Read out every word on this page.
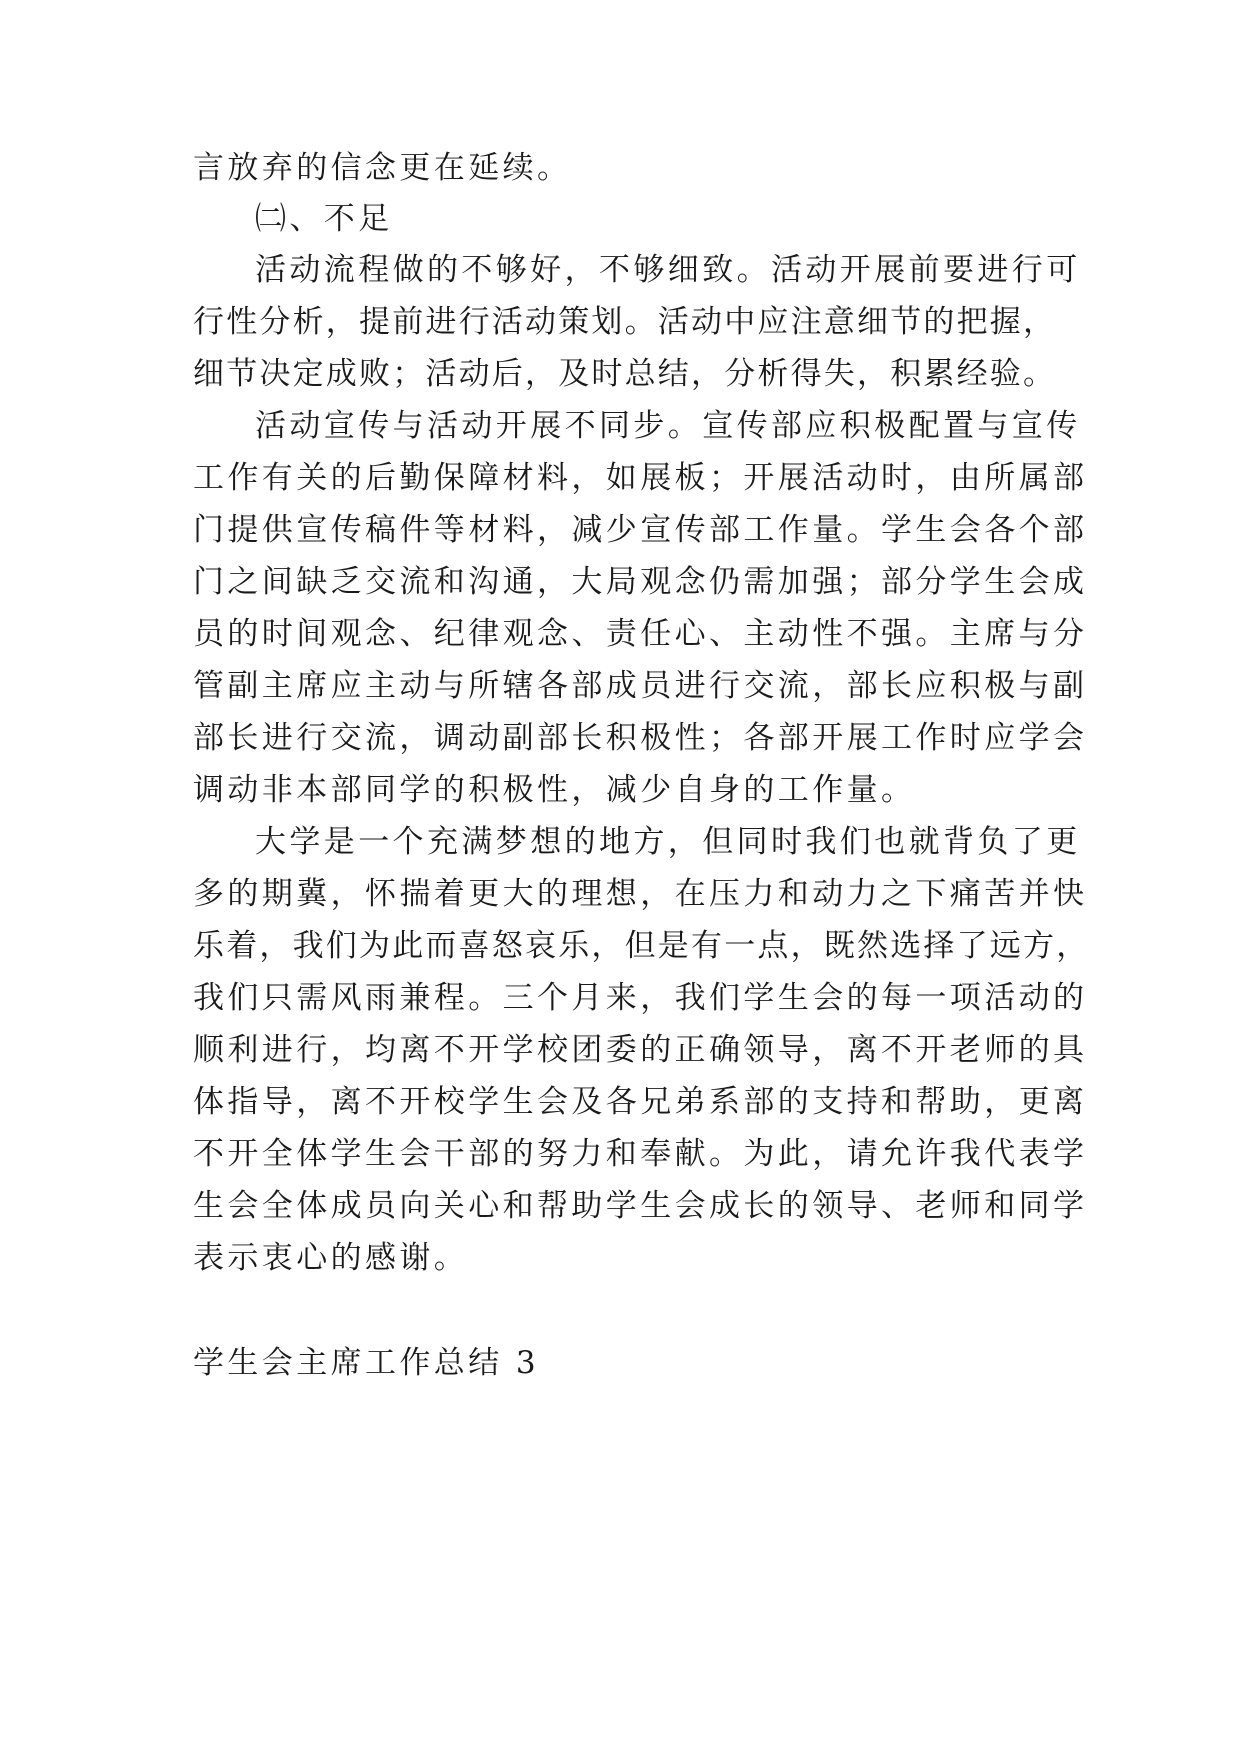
言放弃的信念更在延续。
㈡、不足
活动流程做的不够好，不够细致。活动开展前要进行可
行性分析，提前进行活动策划。活动中应注意细节的把握，
细节决定成败；活动后，及时总结，分析得失，积累经验。
活动宣传与活动开展不同步。宣传部应积极配置与宣传
工作有关的后勤保障材料，如展板；开展活动时，由所属部
门提供宣传稿件等材料，减少宣传部工作量。学生会各个部
门之间缺乏交流和沟通，大局观念仍需加强；部分学生会成
员的时间观念、纪律观念、责任心、主动性不强。主席与分
管副主席应主动与所辖各部成员进行交流，部长应积极与副
部长进行交流，调动副部长积极性；各部开展工作时应学会
调动非本部同学的积极性，减少自身的工作量。
大学是一个充满梦想的地方，但同时我们也就背负了更
多的期冀，怀揣着更大的理想，在压力和动力之下痛苦并快
乐着，我们为此而喜怒哀乐，但是有一点，既然选择了远方，
我们只需风雨兼程。三个月来，我们学生会的每一项活动的
顺利进行，均离不开学校团委的正确领导，离不开老师的具
体指导，离不开校学生会及各兄弟系部的支持和帮助，更离
不开全体学生会干部的努力和奉献。为此，请允许我代表学
生会全体成员向关心和帮助学生会成长的领导、老师和同学
表示衷心的感谢。
学生会主席工作总结 3
